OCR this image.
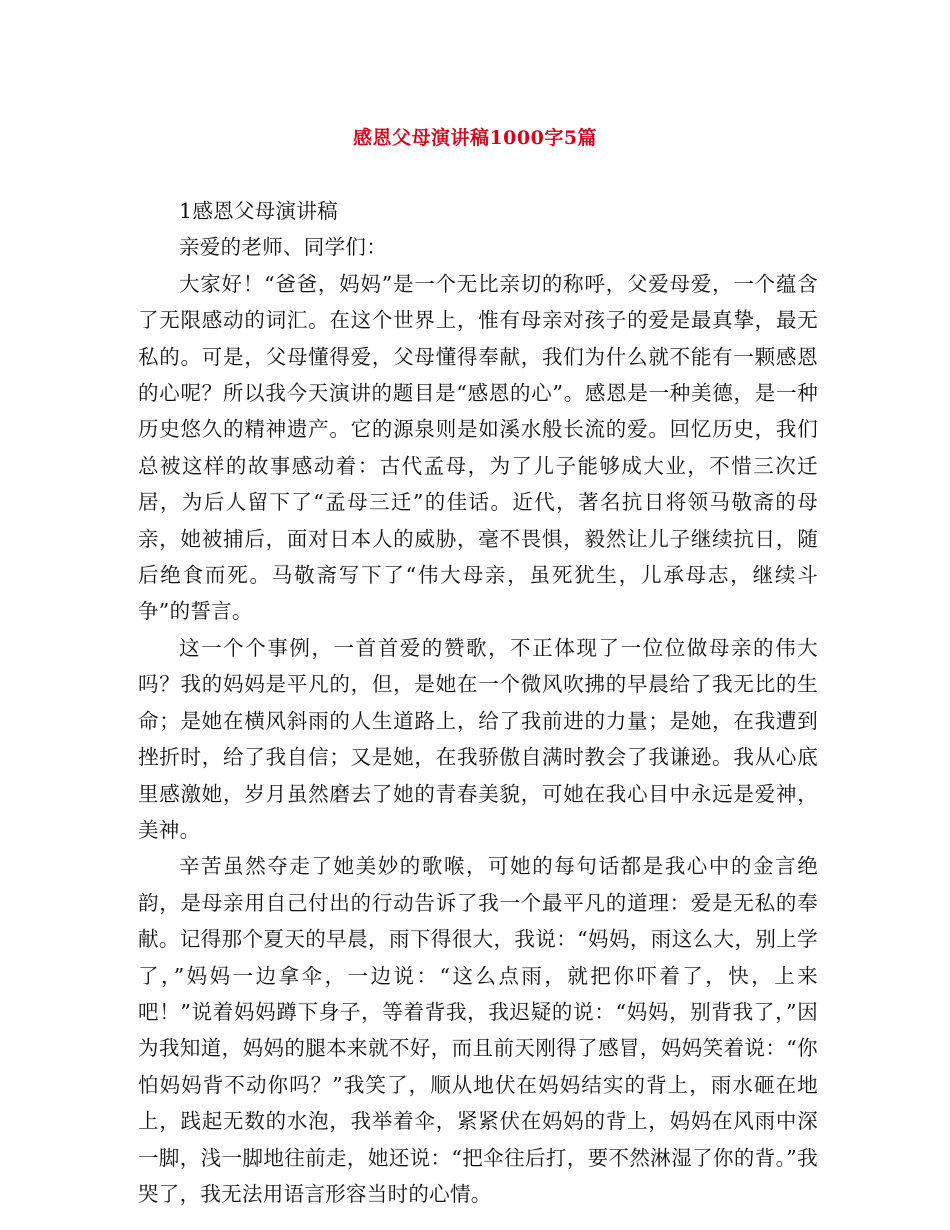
感恩父母演讲稿1000字5篇

1感恩父母演讲稿

亲爱的老师、同学们：

大家好！“爸爸，妈妈”是一个无比亲切的称呼，父爱母爱，一个蕴含了无限感动的词汇。在这个世界上，惟有母亲对孩子的爱是最真挚，最无私的。可是，父母懂得爱，父母懂得奉献，我们为什么就不能有一颗感恩的心呢？所以我今天演讲的题目是“感恩的心”。感恩是一种美德，是一种历史悠久的精神遗产。它的源泉则是如溪水般长流的爱。回忆历史，我们总被这样的故事感动着：古代孟母，为了儿子能够成大业，不惜三次迁居，为后人留下了“孟母三迁”的佳话。近代，著名抗日将领马敬斋的母亲，她被捕后，面对日本人的威胁，毫不畏惧，毅然让儿子继续抗日，随后绝食而死。马敬斋写下了“伟大母亲，虽死犹生，儿承母志，继续斗争”的誓言。

这一个个事例，一首首爱的赞歌，不正体现了一位位做母亲的伟大吗？我的妈妈是平凡的，但，是她在一个微风吹拂的早晨给了我无比的生命；是她在横风斜雨的人生道路上，给了我前进的力量；是她，在我遭到挫折时，给了我自信；又是她，在我骄傲自满时教会了我谦逊。我从心底里感激她，岁月虽然磨去了她的青春美貌，可她在我心目中永远是爱神，美神。

辛苦虽然夺走了她美妙的歌喉，可她的每句话都是我心中的金言绝韵，是母亲用自己付出的行动告诉了我一个最平凡的道理：爱是无私的奉献。记得那个夏天的早晨，雨下得很大，我说：“妈妈，雨这么大，别上学了，”妈妈一边拿伞，一边说：“这么点雨，就把你吓着了，快，上来吧！”说着妈妈蹲下身子，等着背我，我迟疑的说：“妈妈，别背我了，”因为我知道，妈妈的腿本来就不好，而且前天刚得了感冒，妈妈笑着说：“你怕妈妈背不动你吗？”我笑了，顺从地伏在妈妈结实的背上，雨水砸在地上，践起无数的水泡，我举着伞，紧紧伏在妈妈的背上，妈妈在风雨中深一脚，浅一脚地往前走，她还说：“把伞往后打，要不然淋湿了你的背。”我哭了，我无法用语言形容当时的心情。
